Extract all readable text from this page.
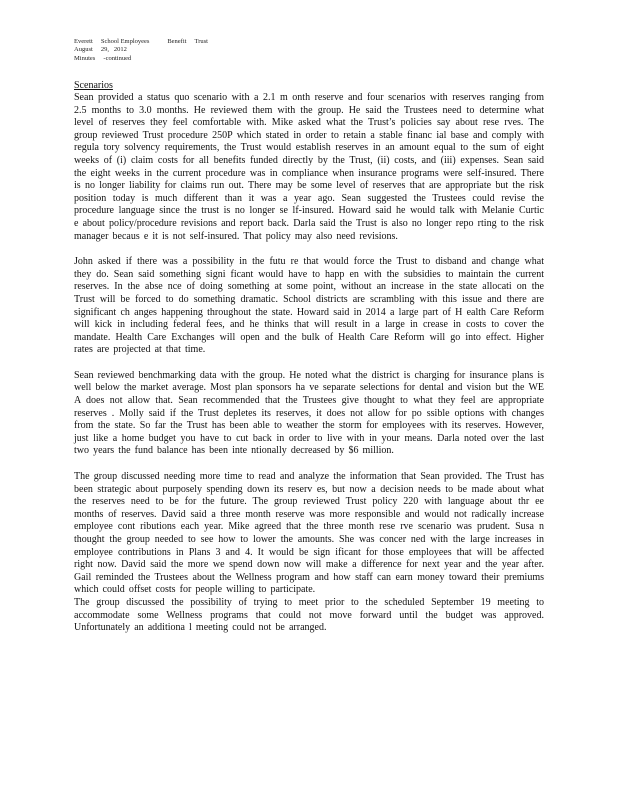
Everett     School Employees           Benefit     Trust
August     29,   2012
Minutes     -continued
Scenarios

Sean provided a status quo scenario with a 2.1 m onth reserve and four scenarios with reserves ranging from 2.5 months to 3.0 months. He reviewed them with the group. He said the Trustees need to determine what level of reserves they feel comfortable with. Mike asked what the Trust’s policies say about rese rves. The group reviewed Trust procedure 250P which stated in order to retain a stable financ ial base and comply with regula tory solvency requirements, the Trust would establish reserves in an amount equal to the sum of eight weeks of (i) claim costs for all benefits funded directly by the Trust, (ii) costs, and (iii) expenses. Sean said the eight weeks in the current procedure was in compliance when insurance programs were self-insured. There is no longer liability for claims run out. There may be some level of reserves that are appropriate but the risk position today is much different than it was a year ago. Sean suggested the Trustees could revise the procedure language since the trust is no longer se lf-insured. Howard said he would talk with Melanie Curtic e about policy/procedure revisions and report back. Darla said the Trust is also no longer repo rting to the risk manager becaus e it is not self-insured. That policy may also need revisions.

John asked if there was a possibility in the futu re that would force the Trust to disband and change what they do. Sean said something signi ficant would have to happ en with the subsidies to maintain the current reserves. In the abse nce of doing something at some point, without an increase in the state allocati on the Trust will be forced to do something dramatic. School districts are scrambling with this issue and there are significant ch anges happening throughout the state. Howard said in 2014 a large part of H ealth Care Reform will kick in including federal fees, and he thinks that will result in a large in crease in costs to cover the mandate. Health Care Exchanges will open and the bulk of Health Care Reform will go into effect. Higher rates are projected at that time.

Sean reviewed benchmarking data with the group. He noted what the district is charging for insurance plans is well below the market average. Most plan sponsors ha ve separate selections for dental and vision but the WE A does not allow that. Sean recommended that the Trustees give thought to what they feel are appropriate reserves . Molly said if the Trust depletes its reserves, it does not allow for po ssible options with changes from the state. So far the Trust has been able to weather the storm for employees with its reserves. However, just like a home budget you have to cut back in order to live with in your means. Darla noted over the last two years the fund balance has been inte ntionally decreased by $6 million.

The group discussed needing more time to read and analyze the information that Sean provided. The Trust has been strategic about purposely spending down its reserv es, but now a decision needs to be made about what the reserves need to be for the future. The group reviewed Trust policy 220 with language about thr ee months of reserves. David said a three month reserve was more responsible and would not radically increase employee cont ributions each year. Mike agreed that the three month rese rve scenario was prudent. Susa n thought the group needed to see how to lower the amounts. She was concer ned with the large increases in employee contributions in Plans 3 and 4. It would be sign ificant for those employees that will be affected right now. David said the more we spend down now will make a difference for next year and the year after. Gail reminded the Trustees about the Wellness program and how staff can earn money toward their premiums which could offset costs for people willing to participate.

The group discussed the possibility of trying to meet prior to the scheduled September 19 meeting to accommodate some Wellness programs that could not move forward until the budget was approved. Unfortunately an additiona l meeting could not be arranged.
